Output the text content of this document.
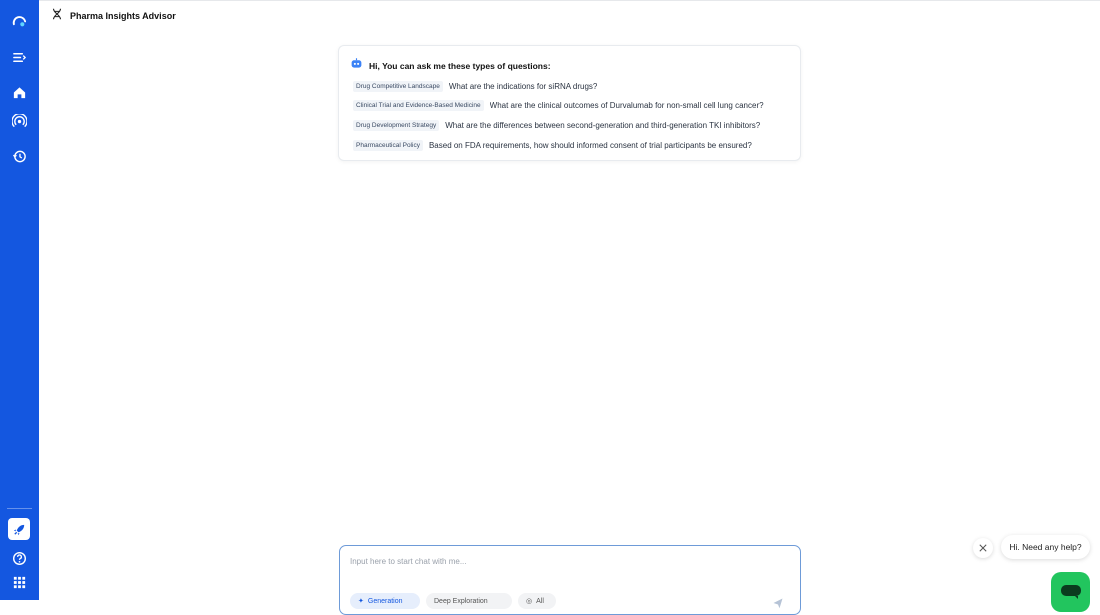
Pharma Insights Advisor
Hi, You can ask me these types of questions:
Drug Competitive Landscape	What are the indications for siRNA drugs?
Clinical Trial and Evidence-Based Medicine	What are the clinical outcomes of Durvalumab for non-small cell lung cancer?
Drug Development Strategy	What are the differences between second-generation and third-generation TKI inhibitors?
Pharmaceutical Policy	Based on FDA requirements, how should informed consent of trial participants be ensured?
Input here to start chat with me...
✦ Generation	Deep Exploration	◎ All
Hi. Need any help?
